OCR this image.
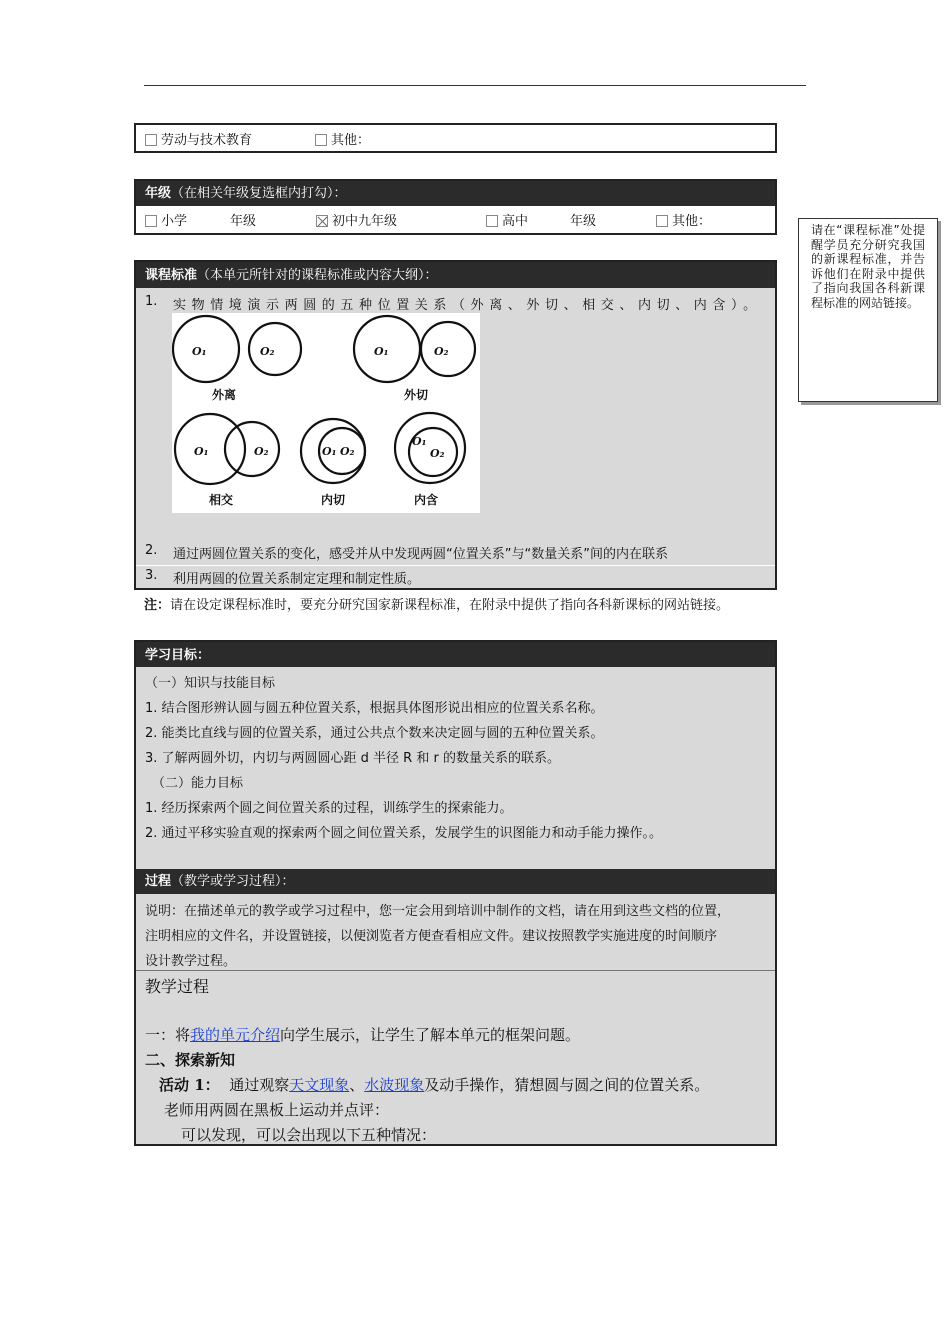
劳动与技术教育	其他：
年级（在相关年级复选框内打勾）：
小学	年级	初中九年级	高中	年级	其他：
请在“课程标准”处提醒学员充分研究我国的新课程标准，并告诉他们在附录中提供了指向我国各科新课程标准的网站链接。
课程标准（本单元所针对的课程标准或内容大纲）：
1. 实物情境演示两圆的五种位置关系（外离、外切、相交、内切、内含）。
2. 通过两圆位置关系的变化，感受并从中发现两圆“位置关系”与“数量关系”间的内在联系
3. 利用两圆的位置关系制定定理和制定性质。
O₁	O₂	O₁	O₂
O₁	O₂	O₁ O₂
O₁
O₂
外离	外切
相交	内切	内含
注：请在设定课程标准时，要充分研究国家新课程标准，在附录中提供了指向各科新课标的网站链接。
学习目标：
（一）知识与技能目标
1. 结合图形辨认圆与圆五种位置关系，根据具体图形说出相应的位置关系名称。
2. 能类比直线与圆的位置关系，通过公共点个数来决定圆与圆的五种位置关系。
3. 了解两圆外切，内切与两圆圆心距 d 半径 R 和 r 的数量关系的联系。
（二）能力目标
1. 经历探索两个圆之间位置关系的过程，训练学生的探索能力。
2. 通过平移实验直观的探索两个圆之间位置关系，发展学生的识图能力和动手能力操作。。
过程（教学或学习过程）：
说明：在描述单元的教学或学习过程中，您一定会用到培训中制作的文档，请在用到这些文档的位置，
注明相应的文件名，并设置链接，以便浏览者方便查看相应文件。建议按照教学实施进度的时间顺序
设计教学过程。
教学过程
一：将我的单元介绍向学生展示，让学生了解本单元的框架问题。
二、探索新知
活动 1：  通过观察天文现象、水波现象及动手操作，猜想圆与圆之间的位置关系。
老师用两圆在黑板上运动并点评：
可以发现，可以会出现以下五种情况：
